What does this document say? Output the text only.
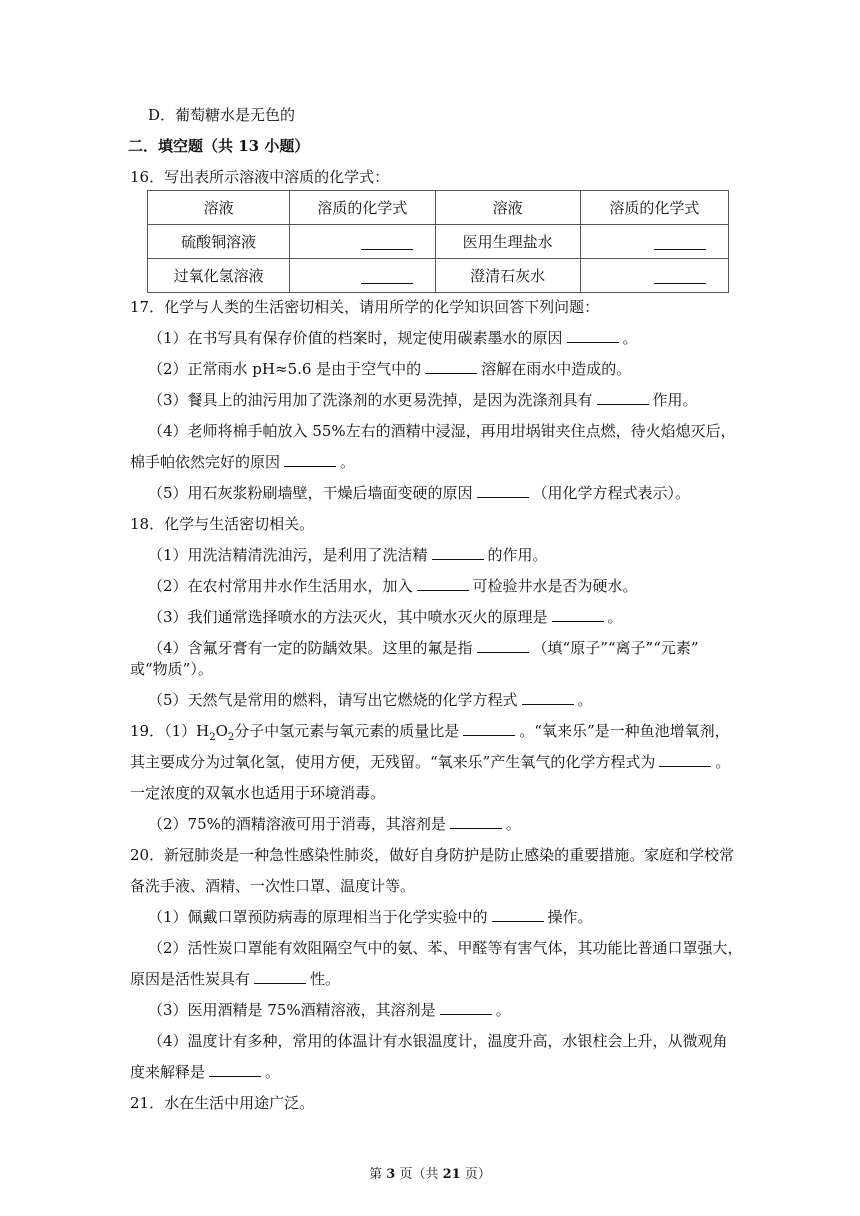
D．葡萄糖水是无色的
二．填空题（共 13 小题）
16．写出表所示溶液中溶质的化学式：
溶液	溶质的化学式	溶液	溶质的化学式
硫酸铜溶液		医用生理盐水	

过氧化氢溶液		澄清石灰水	
17．化学与人类的生活密切相关，请用所学的化学知识回答下列问题：
（1）在书写具有保存价值的档案时，规定使用碳素墨水的原因	。
（2）正常雨水 pH≈5.6 是由于空气中的	溶解在雨水中造成的。
（3）餐具上的油污用加了洗涤剂的水更易洗掉，是因为洗涤剂具有	作用。
（4）老师将棉手帕放入 55%左右的酒精中浸湿，再用坩埚钳夹住点燃，待火焰熄灭后，
棉手帕依然完好的原因	。
（5）用石灰浆粉刷墙壁，干燥后墙面变硬的原因	（用化学方程式表示）。
18．化学与生活密切相关。
（1）用洗洁精清洗油污，是利用了洗洁精	的作用。
（2）在农村常用井水作生活用水，加入	可检验井水是否为硬水。
（3）我们通常选择喷水的方法灭火，其中喷水灭火的原理是	。
（4）含氟牙膏有一定的防龋效果。这里的氟是指	（填“原子”“离子”“元素”
或“物质”）。
（5）天然气是常用的燃料，请写出它燃烧的化学方程式	。
19．$(1)H_2O_2$分子中氢元素与氧元素的质量比是	。“氧来乐”是一种鱼池增氧剂，
其主要成分为过氧化氢，使用方便，无残留。“氧来乐”产生氧气的化学方程式为	。
一定浓度的双氧水也适用于环境消毒。
（2）75%的酒精溶液可用于消毒，其溶剂是	。
20．新冠肺炎是一种急性感染性肺炎，做好自身防护是防止感染的重要措施。家庭和学校常
备洗手液、酒精、一次性口罩、温度计等。
（1）佩戴口罩预防病毒的原理相当于化学实验中的	操作。
（2）活性炭口罩能有效阻隔空气中的氨、苯、甲醛等有害气体，其功能比普通口罩强大，
原因是活性炭具有	性。
（3）医用酒精是 75%酒精溶液，其溶剂是	。
（4）温度计有多种，常用的体温计有水银温度计，温度升高，水银柱会上升，从微观角
度来解释是	。
21．水在生活中用途广泛。
第 3 页（共 21 页）
